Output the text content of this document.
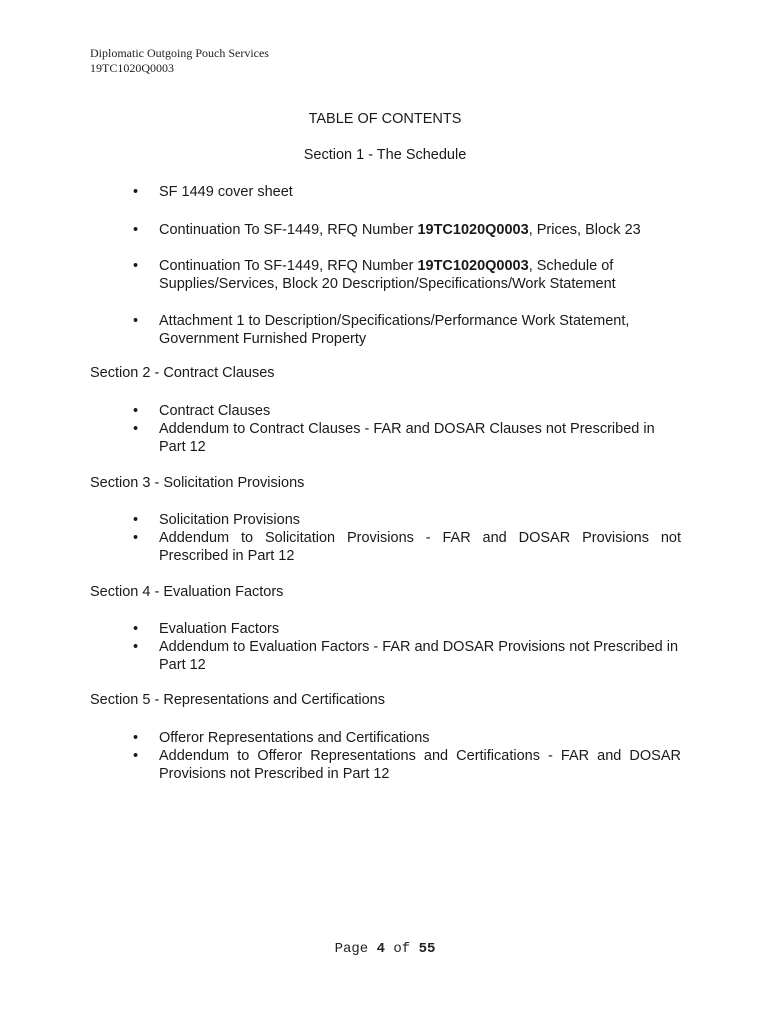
Diplomatic Outgoing Pouch Services
19TC1020Q0003
TABLE OF CONTENTS
Section 1 - The Schedule
• SF 1449 cover sheet
• Continuation To SF-1449, RFQ Number 19TC1020Q0003, Prices, Block 23
• Continuation To SF-1449, RFQ Number 19TC1020Q0003, Schedule of Supplies/Services, Block 20 Description/Specifications/Work Statement
• Attachment 1 to Description/Specifications/Performance Work Statement, Government Furnished Property
Section 2 - Contract Clauses
• Contract Clauses
• Addendum to Contract Clauses - FAR and DOSAR Clauses not Prescribed in Part 12
Section 3 - Solicitation Provisions
• Solicitation Provisions
• Addendum to Solicitation Provisions - FAR and DOSAR Provisions not Prescribed in Part 12
Section 4 - Evaluation Factors
• Evaluation Factors
• Addendum to Evaluation Factors - FAR and DOSAR Provisions not Prescribed in Part 12
Section 5 - Representations and Certifications
• Offeror Representations and Certifications
• Addendum to Offeror Representations and Certifications - FAR and DOSAR Provisions not Prescribed in Part 12
Page 4 of 55
